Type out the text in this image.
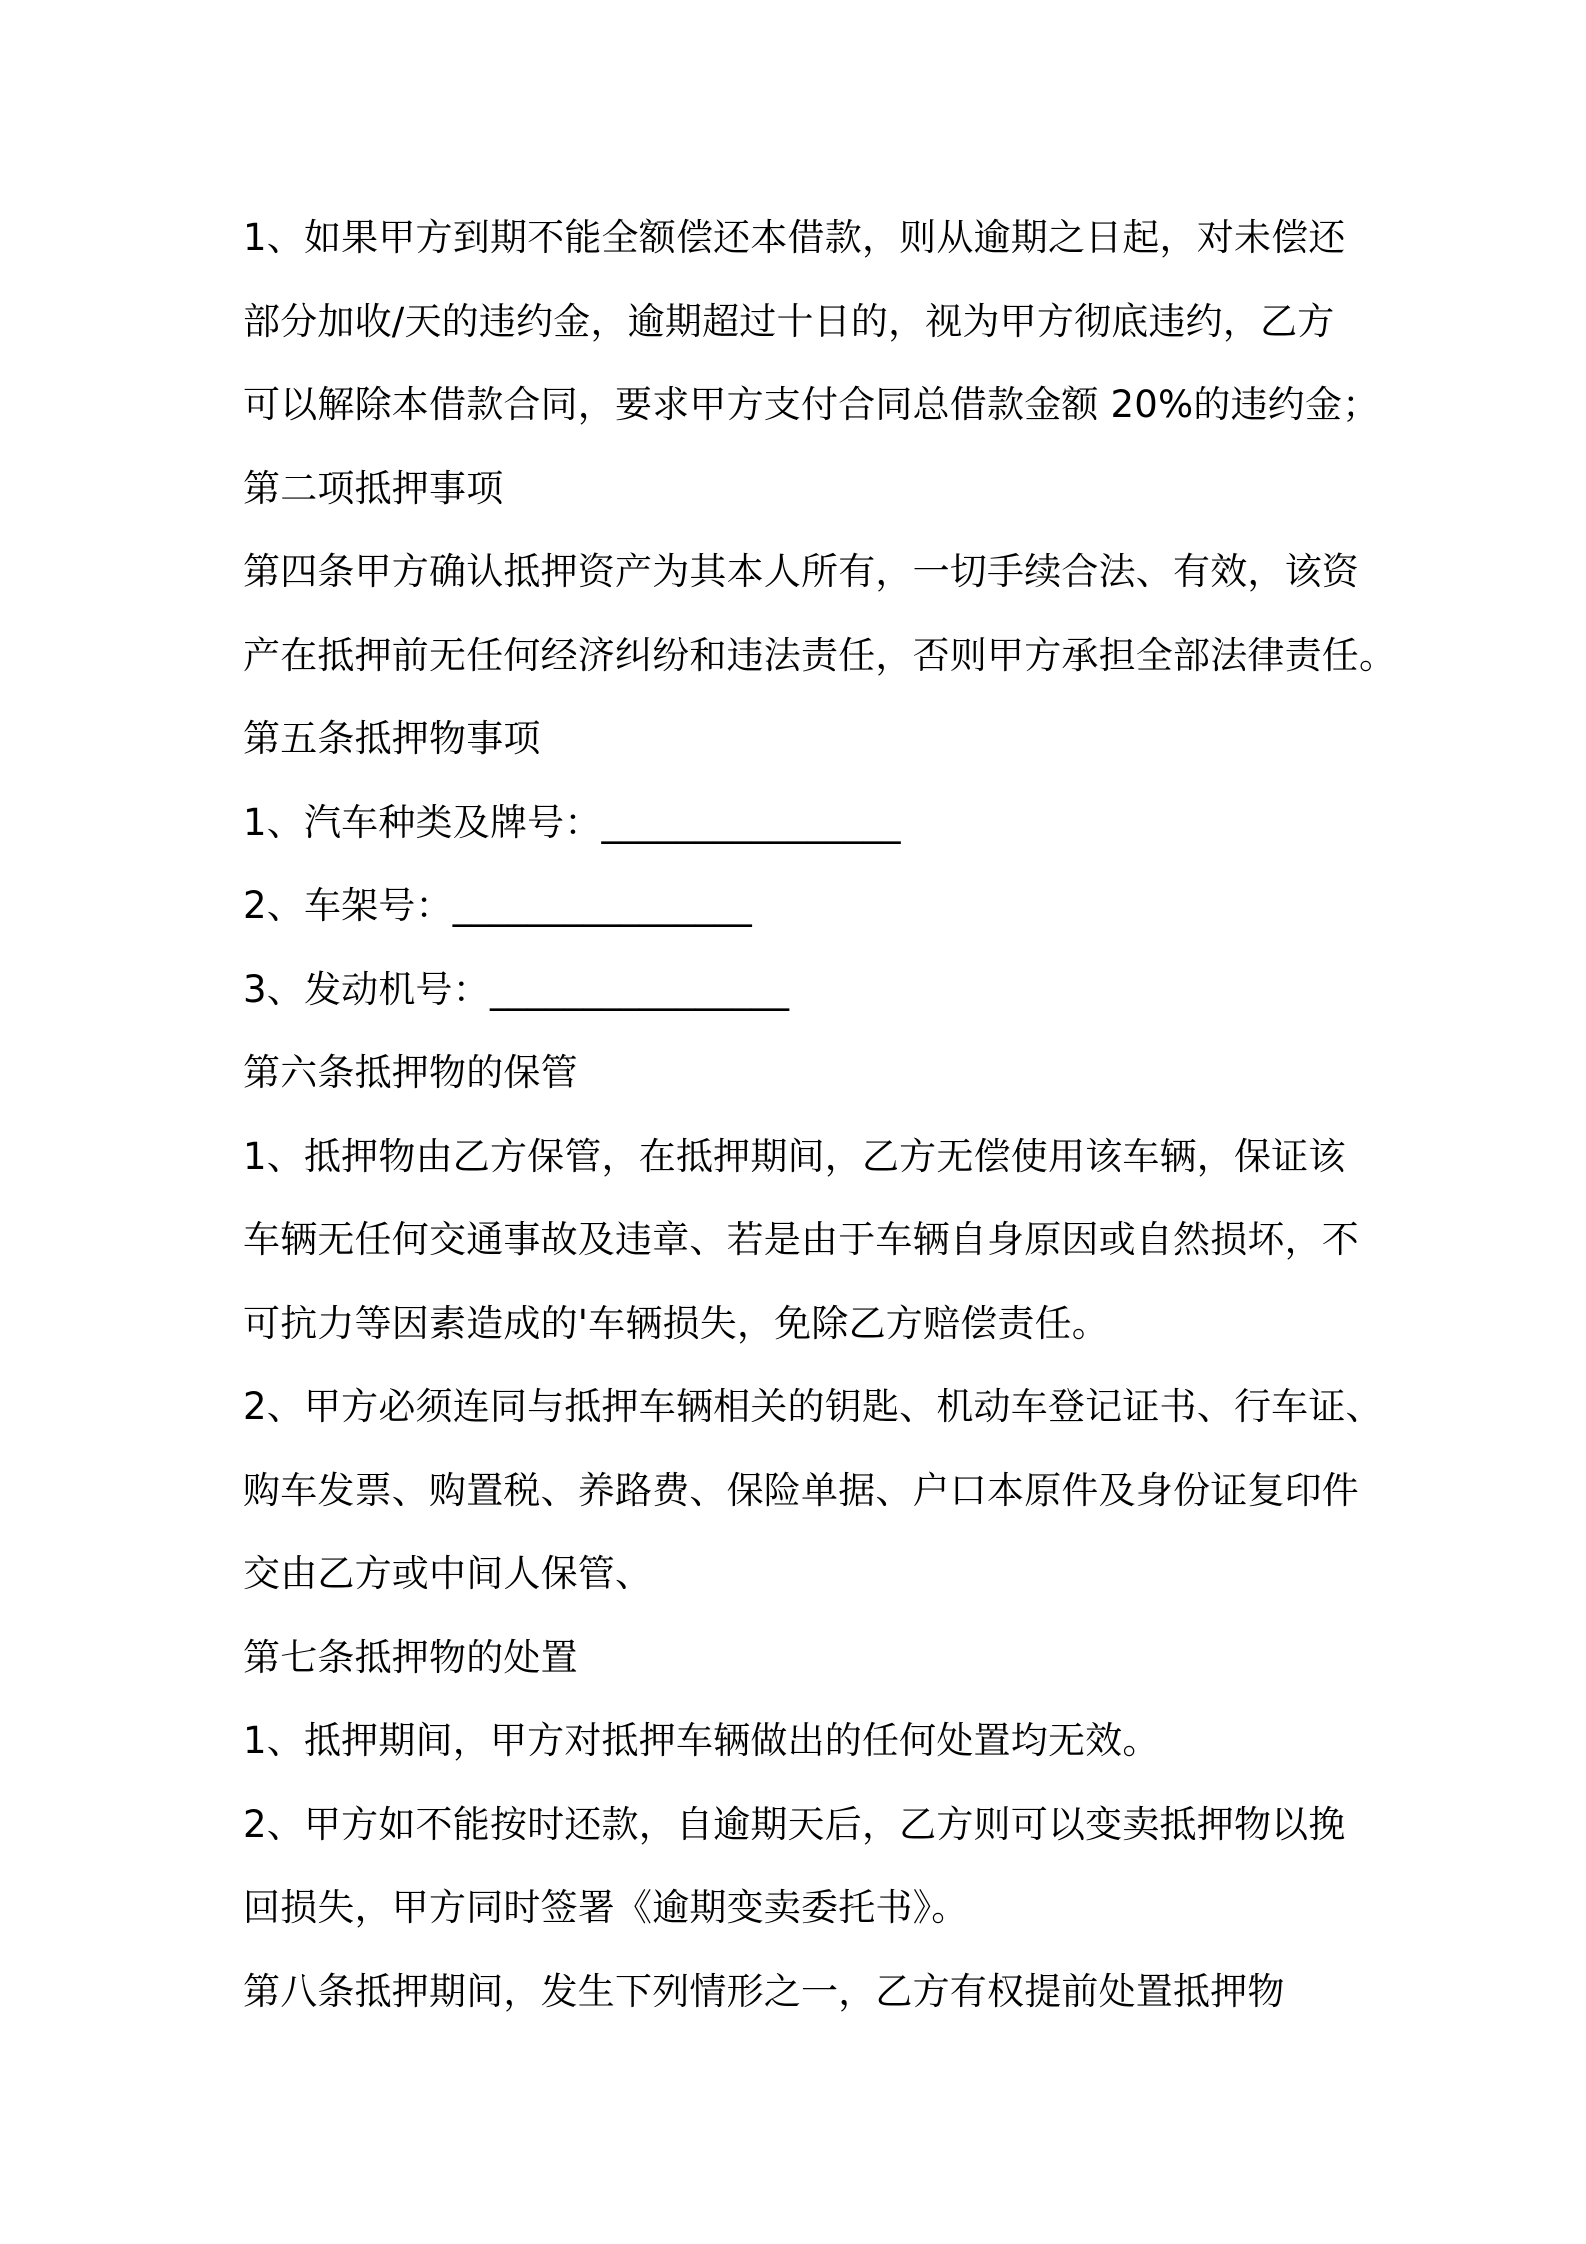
1、如果甲方到期不能全额偿还本借款，则从逾期之日起，对未偿还
部分加收/天的违约金，逾期超过十日的，视为甲方彻底违约，乙方
可以解除本借款合同，要求甲方支付合同总借款金额 20%的违约金；
第二项抵押事项
第四条甲方确认抵押资产为其本人所有，一切手续合法、有效，该资
产在抵押前无任何经济纠纷和违法责任，否则甲方承担全部法律责任。
第五条抵押物事项
1、汽车种类及牌号：________________
2、车架号：________________
3、发动机号：________________
第六条抵押物的保管
1、抵押物由乙方保管，在抵押期间，乙方无偿使用该车辆，保证该
车辆无任何交通事故及违章、若是由于车辆自身原因或自然损坏，不
可抗力等因素造成的'车辆损失，免除乙方赔偿责任。
2、甲方必须连同与抵押车辆相关的钥匙、机动车登记证书、行车证、
购车发票、购置税、养路费、保险单据、户口本原件及身份证复印件
交由乙方或中间人保管、
第七条抵押物的处置
1、抵押期间，甲方对抵押车辆做出的任何处置均无效。
2、甲方如不能按时还款，自逾期天后，乙方则可以变卖抵押物以挽
回损失，甲方同时签署《逾期变卖委托书》。
第八条抵押期间，发生下列情形之一，乙方有权提前处置抵押物
